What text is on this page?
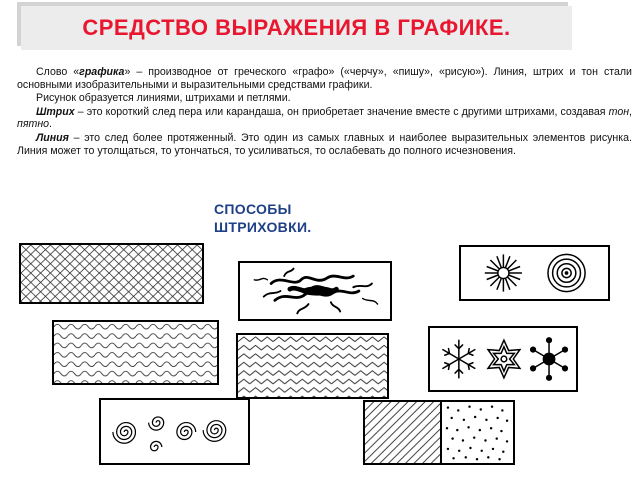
СРЕДСТВО ВЫРАЖЕНИЯ В ГРАФИКЕ.

Слово «графика» – производное от греческого «графо» («черчу», «пишу», «рисую»). Линия, штрих и тон стали основными изобразительными и выразительными средствами графики.

Рисунок образуется линиями, штрихами и петлями.

Штрих – это короткий след пера или карандаша, он приобретает значение вместе с другими штрихами, создавая тон, пятно.

Линия – это след более протяженный. Это один из самых главных и наиболее выразительных элементов рисунка. Линия может то утолщаться, то утончаться, то усиливаться, то ослабевать до полного исчезновения.

СПОСОБЫ
ШТРИХОВКИ.
